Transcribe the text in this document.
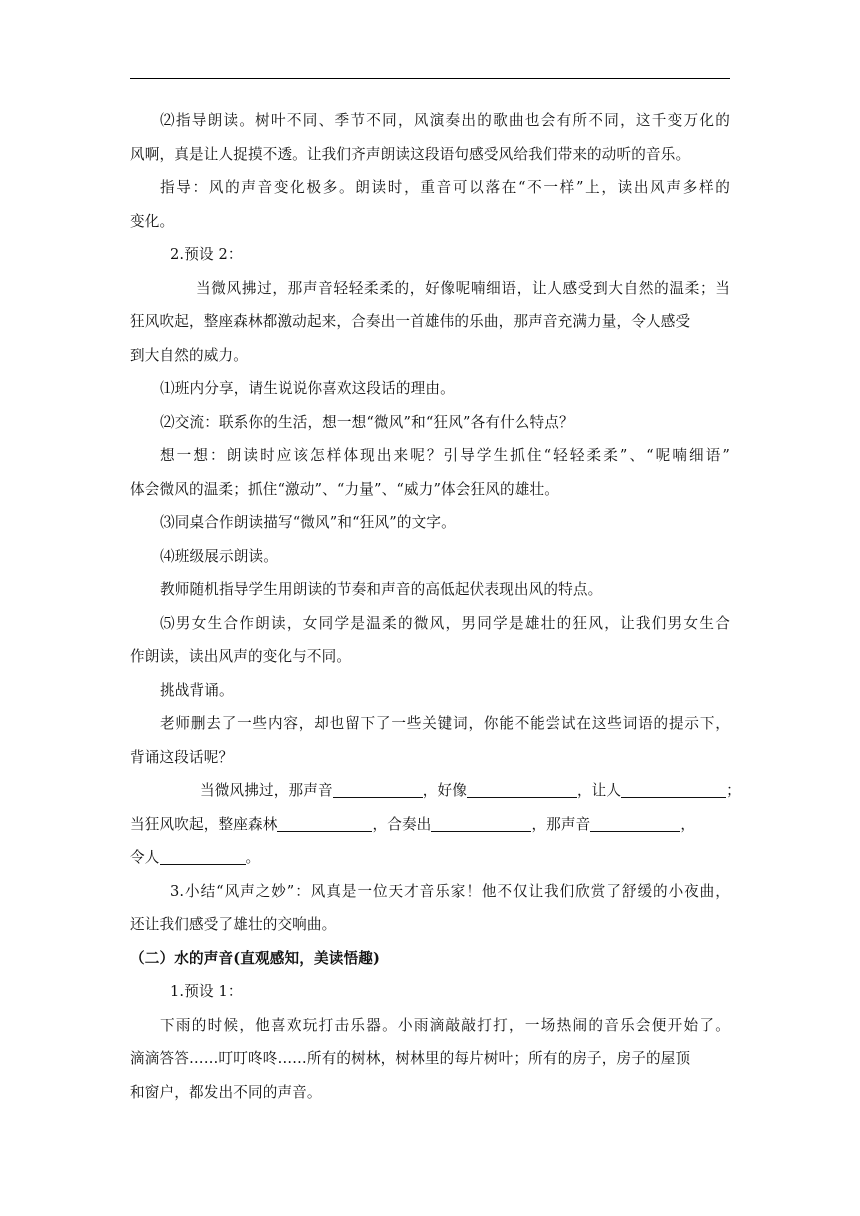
⑵指导朗读。树叶不同、季节不同，风演奏出的歌曲也会有所不同，这千变万化的
风啊，真是让人捉摸不透。让我们齐声朗读这段语句感受风给我们带来的动听的音乐。
指导：风的声音变化极多。朗读时，重音可以落在“不一样”上，读出风声多样的
变化。
2.预设 2：
当微风拂过，那声音轻轻柔柔的，好像呢喃细语，让人感受到大自然的温柔；当
狂风吹起，整座森林都激动起来，合奏出一首雄伟的乐曲，那声音充满力量，令人感受
到大自然的威力。
⑴班内分享，请生说说你喜欢这段话的理由。
⑵交流：联系你的生活，想一想“微风”和“狂风”各有什么特点？
想一想：朗读时应该怎样体现出来呢？引导学生抓住“轻轻柔柔”、“呢喃细语”
体会微风的温柔；抓住“激动”、“力量”、“威力”体会狂风的雄壮。
⑶同桌合作朗读描写“微风”和“狂风”的文字。
⑷班级展示朗读。
教师随机指导学生用朗读的节奏和声音的高低起伏表现出风的特点。
⑸男女生合作朗读，女同学是温柔的微风，男同学是雄壮的狂风，让我们男女生合
作朗读，读出风声的变化与不同。
挑战背诵。
老师删去了一些内容，却也留下了一些关键词，你能不能尝试在这些词语的提示下，
背诵这段话呢？
当微风拂过，那声音	，好像	，让人	；
当狂风吹起，整座森林	，合奏出	，那声音	，
令人	。
3.小结“风声之妙”：风真是一位天才音乐家！他不仅让我们欣赏了舒缓的小夜曲，
还让我们感受了雄壮的交响曲。
（二）水的声音(直观感知，美读悟趣)
1.预设 1：
下雨的时候，他喜欢玩打击乐器。小雨滴敲敲打打，一场热闹的音乐会便开始了。
滴滴答答……叮叮咚咚……所有的树林，树林里的每片树叶；所有的房子，房子的屋顶
和窗户，都发出不同的声音。
